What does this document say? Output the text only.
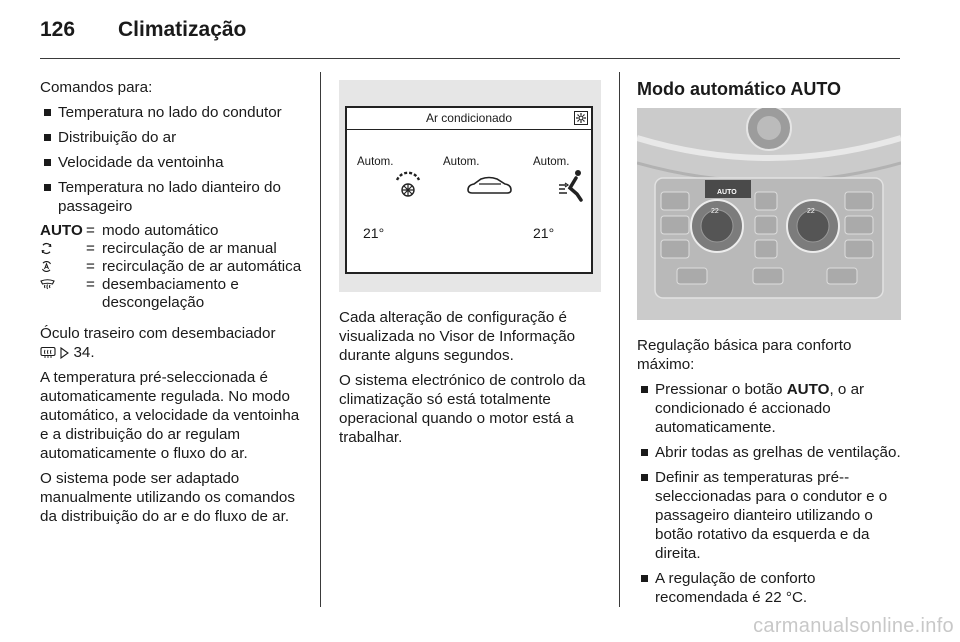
126 Climatização

Comandos para:

Temperatura no lado do condutor
Distribuição do ar
Velocidade da ventoinha
Temperatura no lado dianteiro do passageiro
AUTO	=	modo automático
	=	recirculação de ar manual
	=	recirculação de ar automática
	=	desembaciamento e descongelação

Óculo traseiro com desembaciador
34.

A temperatura pré-seleccionada é automaticamente regulada. No modo automático, a velocidade da ventoinha e a distribuição do ar regulam automaticamente o fluxo do ar.

O sistema pode ser adaptado manualmente utilizando os comandos da distribuição do ar e do fluxo de ar.

Ar condicionado
Autom.	Autom.	Autom.
21°	21°

Cada alteração de configuração é visualizada no Visor de Informação durante alguns segundos.

O sistema electrónico de controlo da climatização só está totalmente operacional quando o motor está a trabalhar.

Modo automático AUTO
AUTO
22	22

Regulação básica para conforto máximo:

Pressionar o botão AUTO, o ar condicionado é accionado automaticamente.
Abrir todas as grelhas de ventilação.
Definir as temperaturas pré--seleccionadas para o condutor e o passageiro dianteiro utilizando o botão rotativo da esquerda e da direita.
A regulação de conforto recomendada é 22 °C.
carmanualsonline.info
